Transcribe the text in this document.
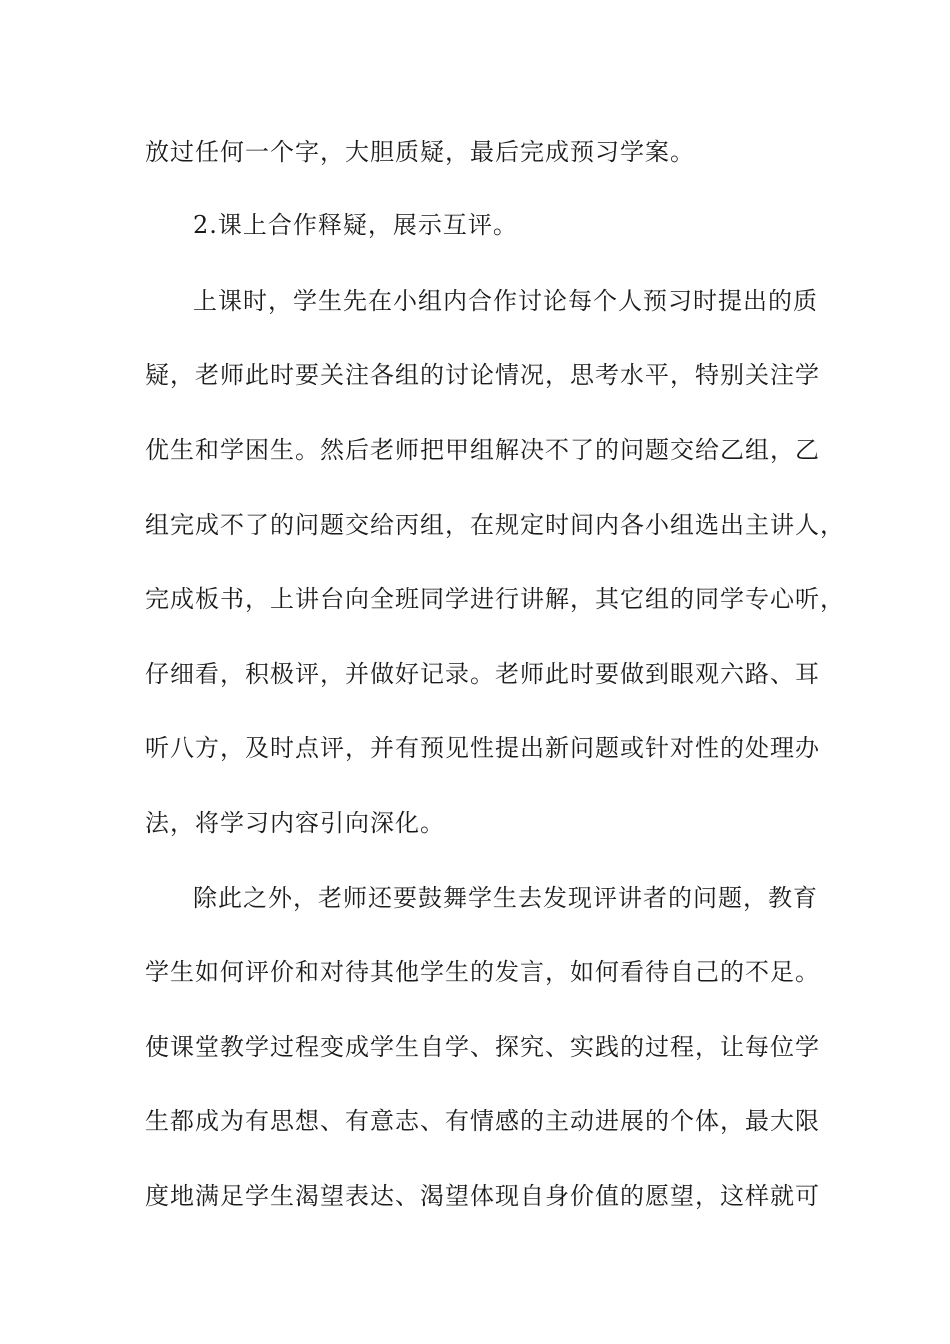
放过任何一个字，大胆质疑，最后完成预习学案。
2.课上合作释疑，展示互评。
上课时，学生先在小组内合作讨论每个人预习时提出的质
疑，老师此时要关注各组的讨论情况，思考水平，特别关注学
优生和学困生。然后老师把甲组解决不了的问题交给乙组，乙
组完成不了的问题交给丙组，在规定时间内各小组选出主讲人，
完成板书，上讲台向全班同学进行讲解，其它组的同学专心听，
仔细看，积极评，并做好记录。老师此时要做到眼观六路、耳
听八方，及时点评，并有预见性提出新问题或针对性的处理办
法，将学习内容引向深化。
除此之外，老师还要鼓舞学生去发现评讲者的问题，教育
学生如何评价和对待其他学生的发言，如何看待自己的不足。
使课堂教学过程变成学生自学、探究、实践的过程，让每位学
生都成为有思想、有意志、有情感的主动进展的个体，最大限
度地满足学生渴望表达、渴望体现自身价值的愿望，这样就可
